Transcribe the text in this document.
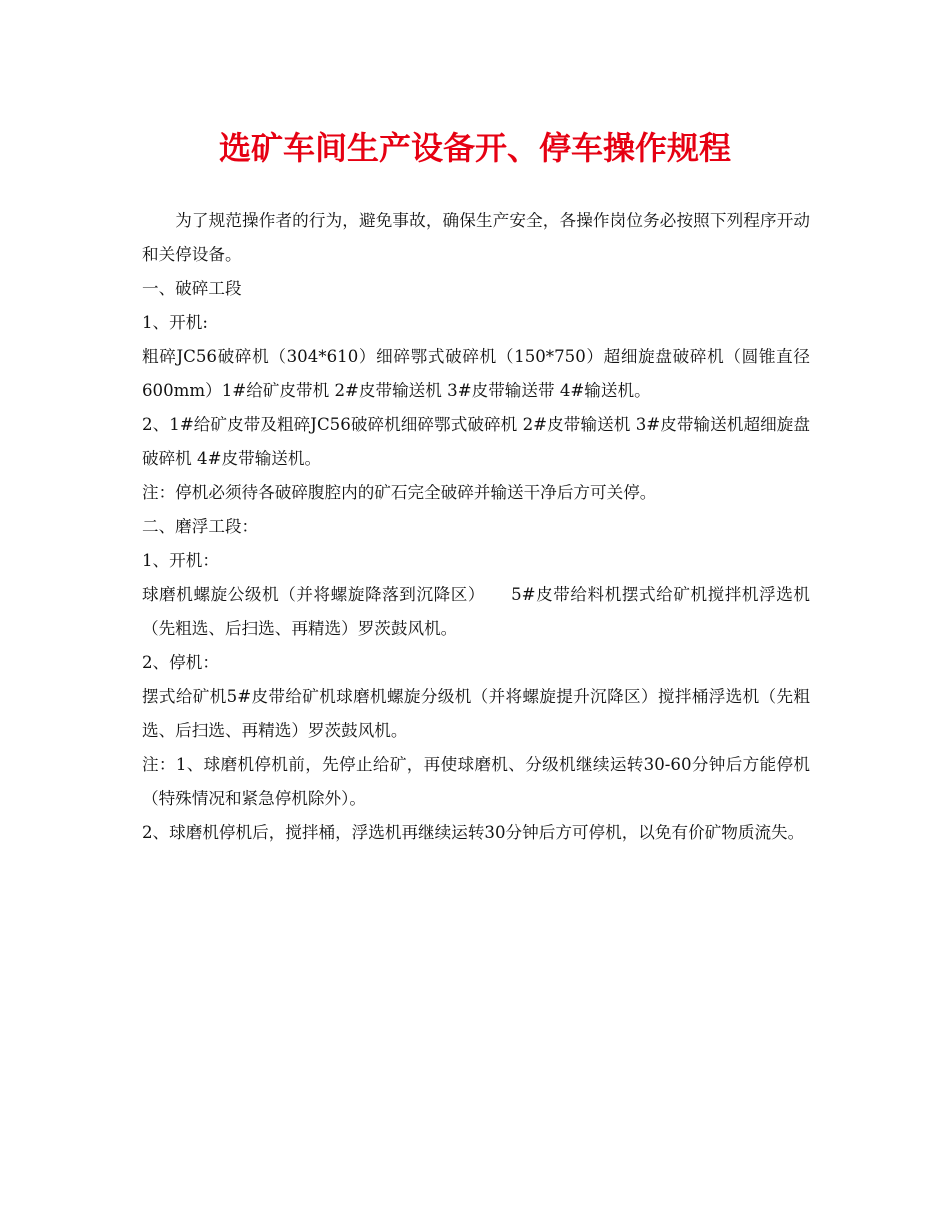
选矿车间生产设备开、停车操作规程

为了规范操作者的行为，避免事故，确保生产安全，各操作岗位务必按照下列程序开动和关停设备。

一、破碎工段

1、开机:

粗碎JC56破碎机（304*610）细碎鄂式破碎机（150*750）超细旋盘破碎机（圆锥直径600mm）1#给矿皮带机 2#皮带输送机 3#皮带输送带 4#输送机。

2、1#给矿皮带及粗碎JC56破碎机细碎鄂式破碎机 2#皮带输送机 3#皮带输送机超细旋盘破碎机 4#皮带输送机。

注：停机必须待各破碎腹腔内的矿石完全破碎并输送干净后方可关停。

二、磨浮工段：

1、开机：

球磨机螺旋公级机（并将螺旋降落到沉降区）　　5#皮带给料机摆式给矿机搅拌机浮选机（先粗选、后扫选、再精选）罗茨鼓风机。

2、停机：

摆式给矿机5#皮带给矿机球磨机螺旋分级机（并将螺旋提升沉降区）搅拌桶浮选机（先粗选、后扫选、再精选）罗茨鼓风机。

注：1、球磨机停机前，先停止给矿，再使球磨机、分级机继续运转30-60分钟后方能停机（特殊情况和紧急停机除外）。

2、球磨机停机后，搅拌桶，浮选机再继续运转30分钟后方可停机，以免有价矿物质流失。
